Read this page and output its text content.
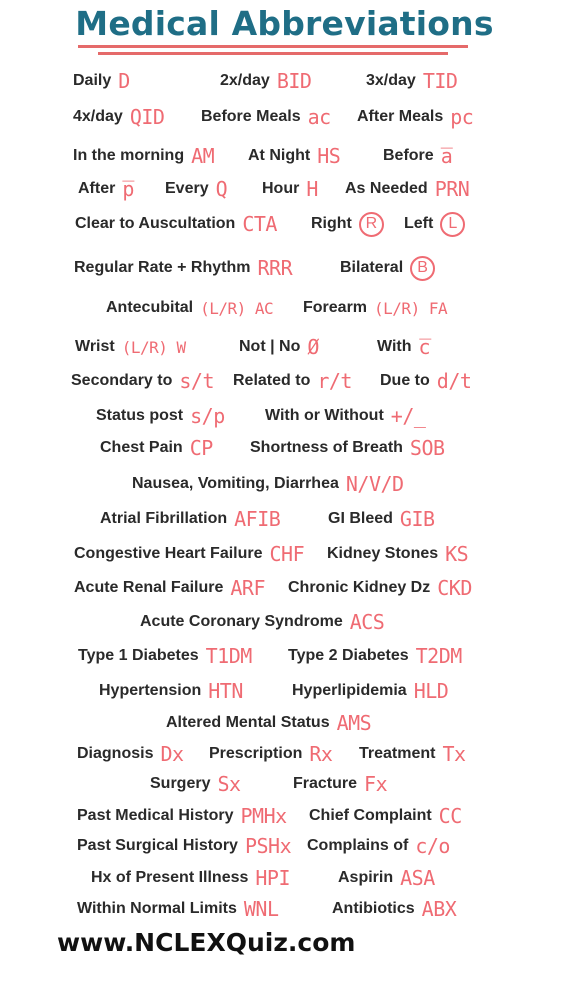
Medical Abbreviations
Daily D	2x/day BID	3x/day TID
4x/day QID Before Meals ac After Meals pc
In the morning AM At Night HS	Before a̅
After p̅ Every Q Hour H As Needed PRN
Clear to Auscultation CTA Right R	Left L
Regular Rate + Rhythm RRR	Bilateral B
Antecubital (L/R) AC Forearm (L/R) FA
Wrist (L/R) W	Not | No Ø	With c̅
Secondary to s/t Related to r/t Due to d/t
Status post s/p	With or Without +/_
Chest Pain CP Shortness of Breath SOB
Nausea, Vomiting, Diarrhea N/V/D
Atrial Fibrillation AFIB	GI Bleed GIB
Congestive Heart Failure CHF Kidney Stones KS
Acute Renal Failure ARF Chronic Kidney Dz CKD
Acute Coronary Syndrome ACS
Type 1 Diabetes T1DM Type 2 Diabetes T2DM
Hypertension HTN	Hyperlipidemia HLD
Altered Mental Status AMS
Diagnosis Dx Prescription Rx Treatment Tx
Surgery Sx	Fracture Fx
Past Medical History PMHx Chief Complaint CC
Past Surgical History PSHx Complains of c/o
Hx of Present Illness HPI	Aspirin ASA
Within Normal Limits WNL	Antibiotics ABX
www.NCLEXQuiz.com
